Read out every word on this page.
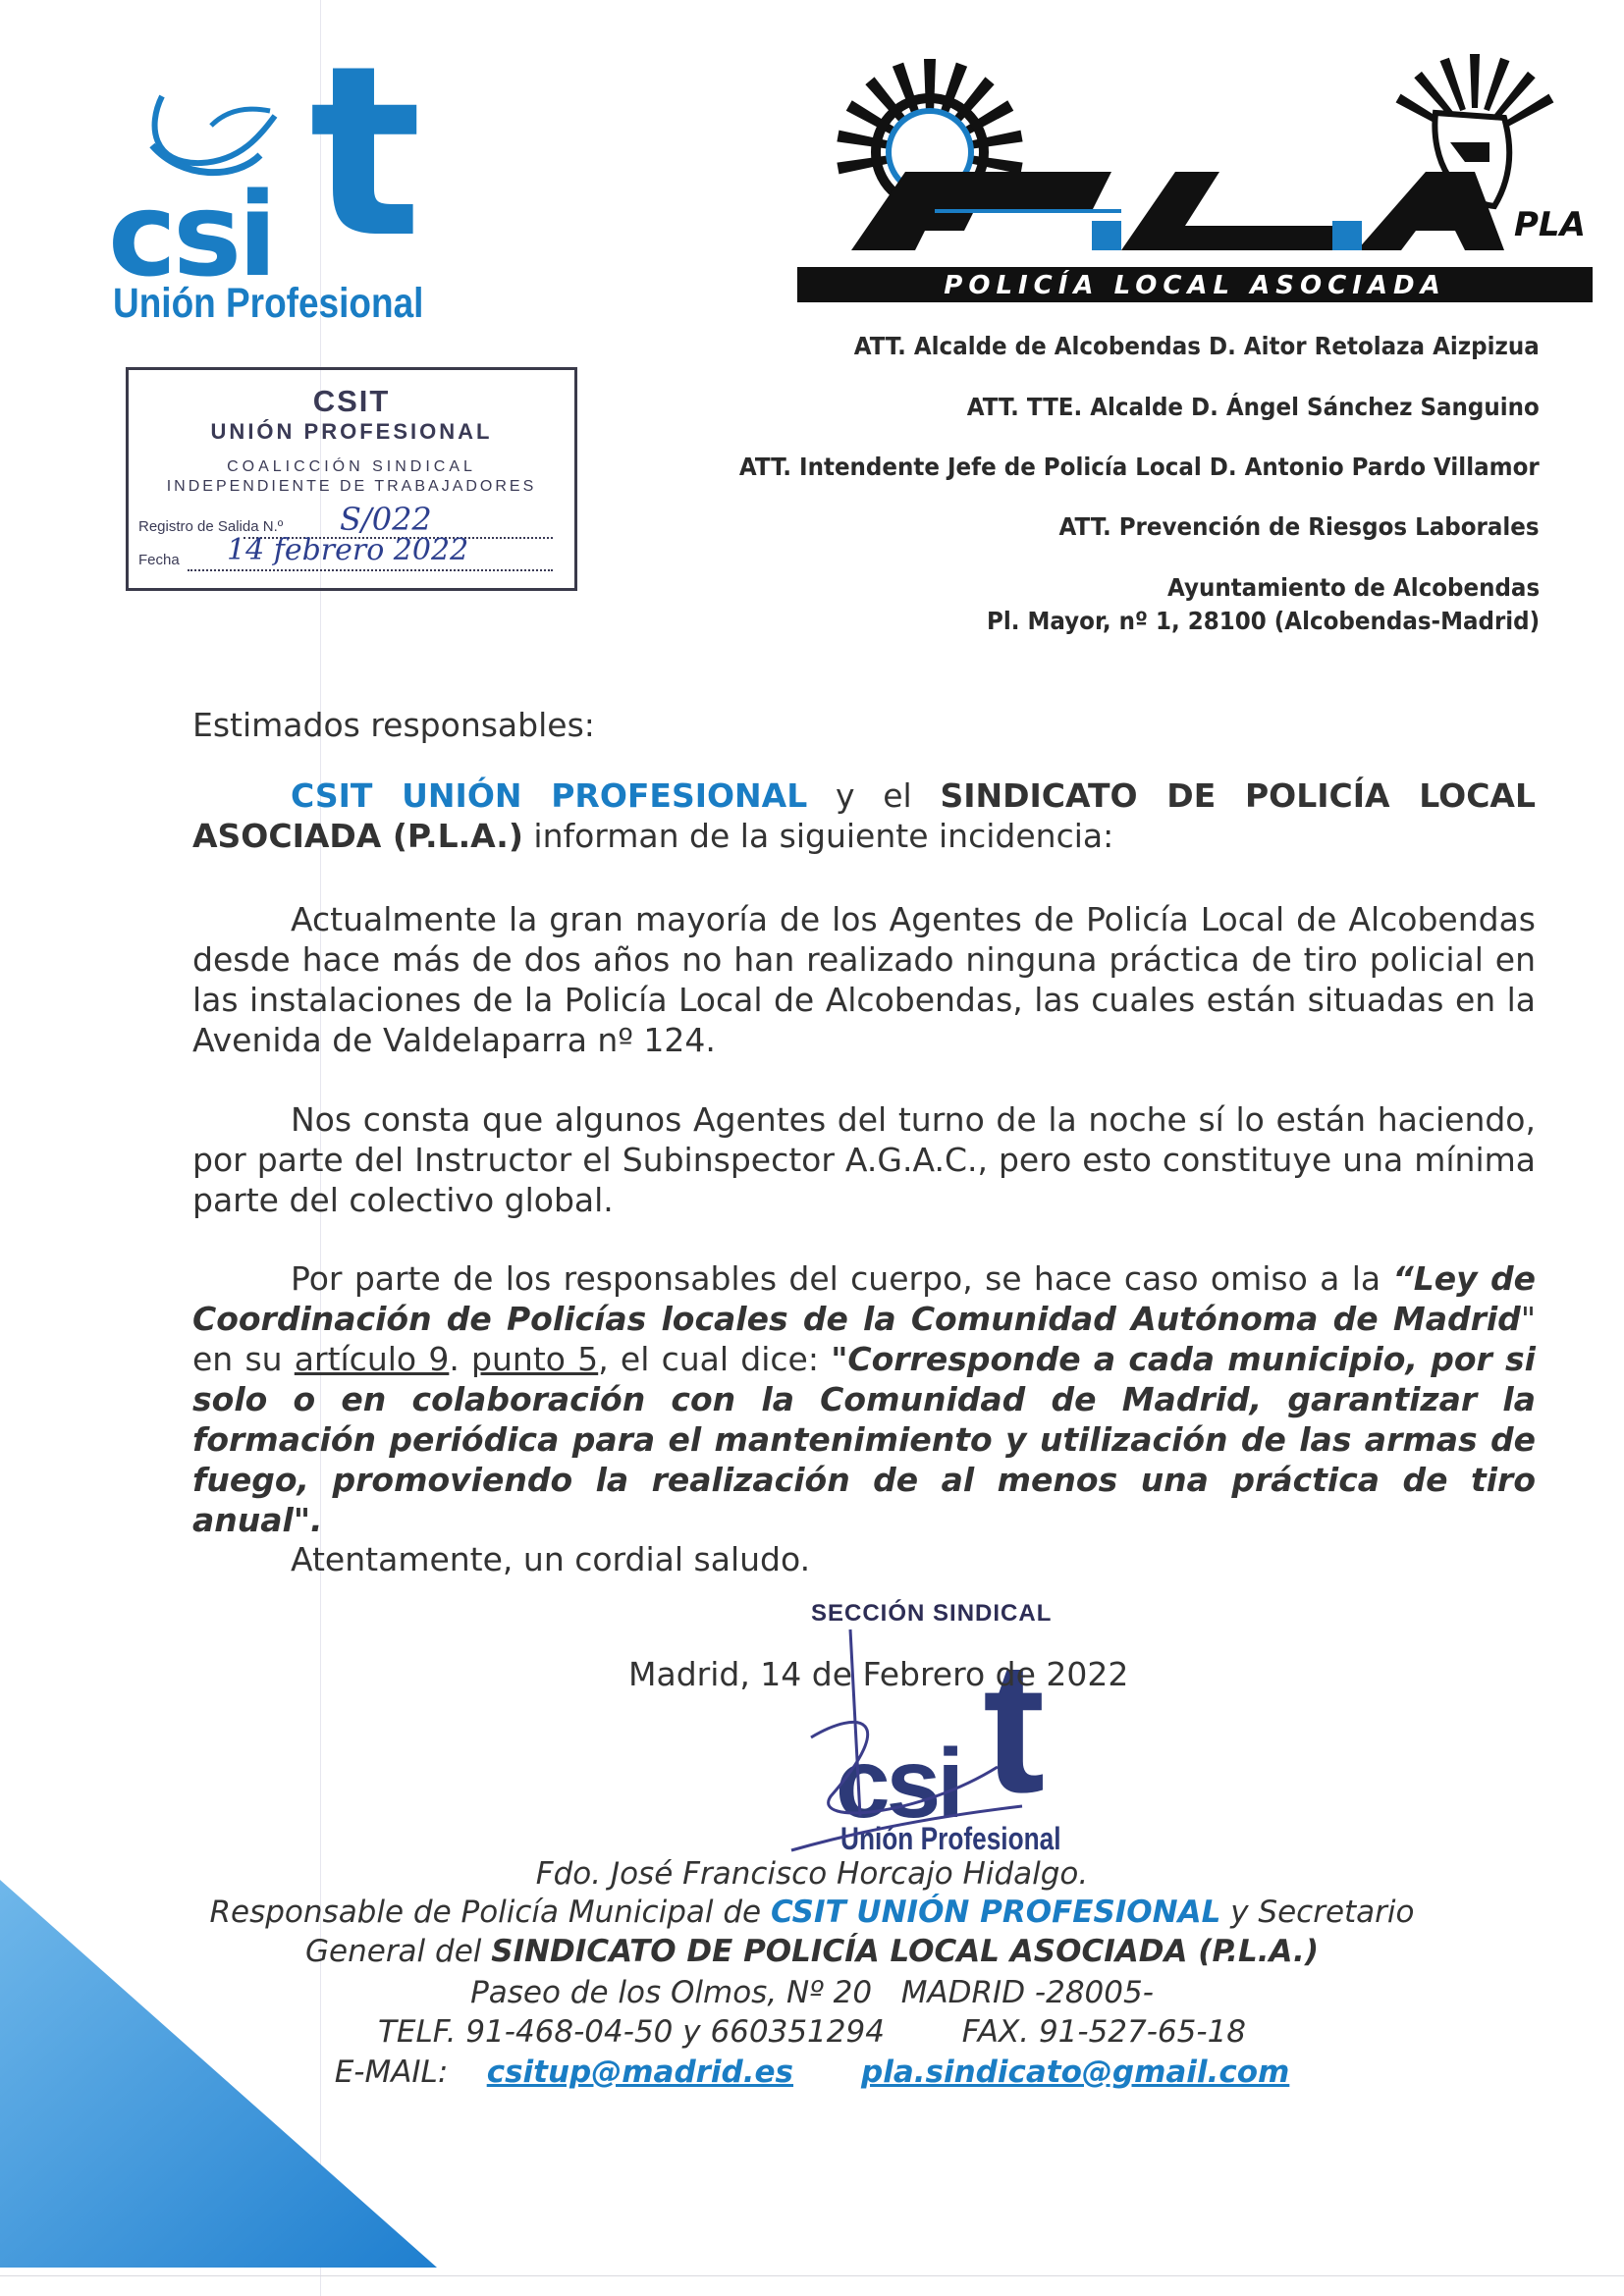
t
csi
Unión Profesional	POLICÍA LOCAL ASOCIADA
PLA
CSIT
UNIÓN PROFESIONAL
COALICCIÓN SINDICAL
INDEPENDIENTE DE TRABAJADORES
Registro de Salida N.º S/022
Fecha 14 febrero 2022
ATT. Alcalde de Alcobendas D. Aitor Retolaza Aizpizua
ATT. TTE. Alcalde D. Ángel Sánchez Sanguino
ATT. Intendente Jefe de Policía Local D. Antonio Pardo Villamor
ATT. Prevención de Riesgos Laborales
Ayuntamiento de Alcobendas
Pl. Mayor, nº 1, 28100 (Alcobendas-Madrid)
Estimados responsables:
CSIT UNIÓN PROFESIONAL y el SINDICATO DE POLICÍA LOCAL ASOCIADA (P.L.A.) informan de la siguiente incidencia:
Actualmente la gran mayoría de los Agentes de Policía Local de Alcobendas desde hace más de dos años no han realizado ninguna práctica de tiro policial en las instalaciones de la Policía Local de Alcobendas, las cuales están situadas en la Avenida de Valdelaparra nº 124.
Nos consta que algunos Agentes del turno de la noche sí lo están haciendo, por parte del Instructor el Subinspector A.G.A.C., pero esto constituye una mínima parte del colectivo global.
Por parte de los responsables del cuerpo, se hace caso omiso a la “Ley de Coordinación de Policías locales de la Comunidad Autónoma de Madrid" en su artículo 9. punto 5, el cual dice: "Corresponde a cada municipio, por si solo o en colaboración con la Comunidad de Madrid, garantizar la formación periódica para el mantenimiento y utilización de las armas de fuego, promoviendo la realización de al menos una práctica de tiro anual".
Atentamente, un cordial saludo.
SECCIÓN SINDICAL
t
csi
Unión Profesional
Madrid, 14 de Febrero de 2022
Fdo. José Francisco Horcajo Hidalgo.
Responsable de Policía Municipal de CSIT UNIÓN PROFESIONAL y Secretario
General del SINDICATO DE POLICÍA LOCAL ASOCIADA (P.L.A.)
Paseo de los Olmos, Nº 20   MADRID -28005-
TELF. 91-468-04-50 y 660351294        FAX. 91-527-65-18
E-MAIL: csitup@madrid.es pla.sindicato@gmail.com
